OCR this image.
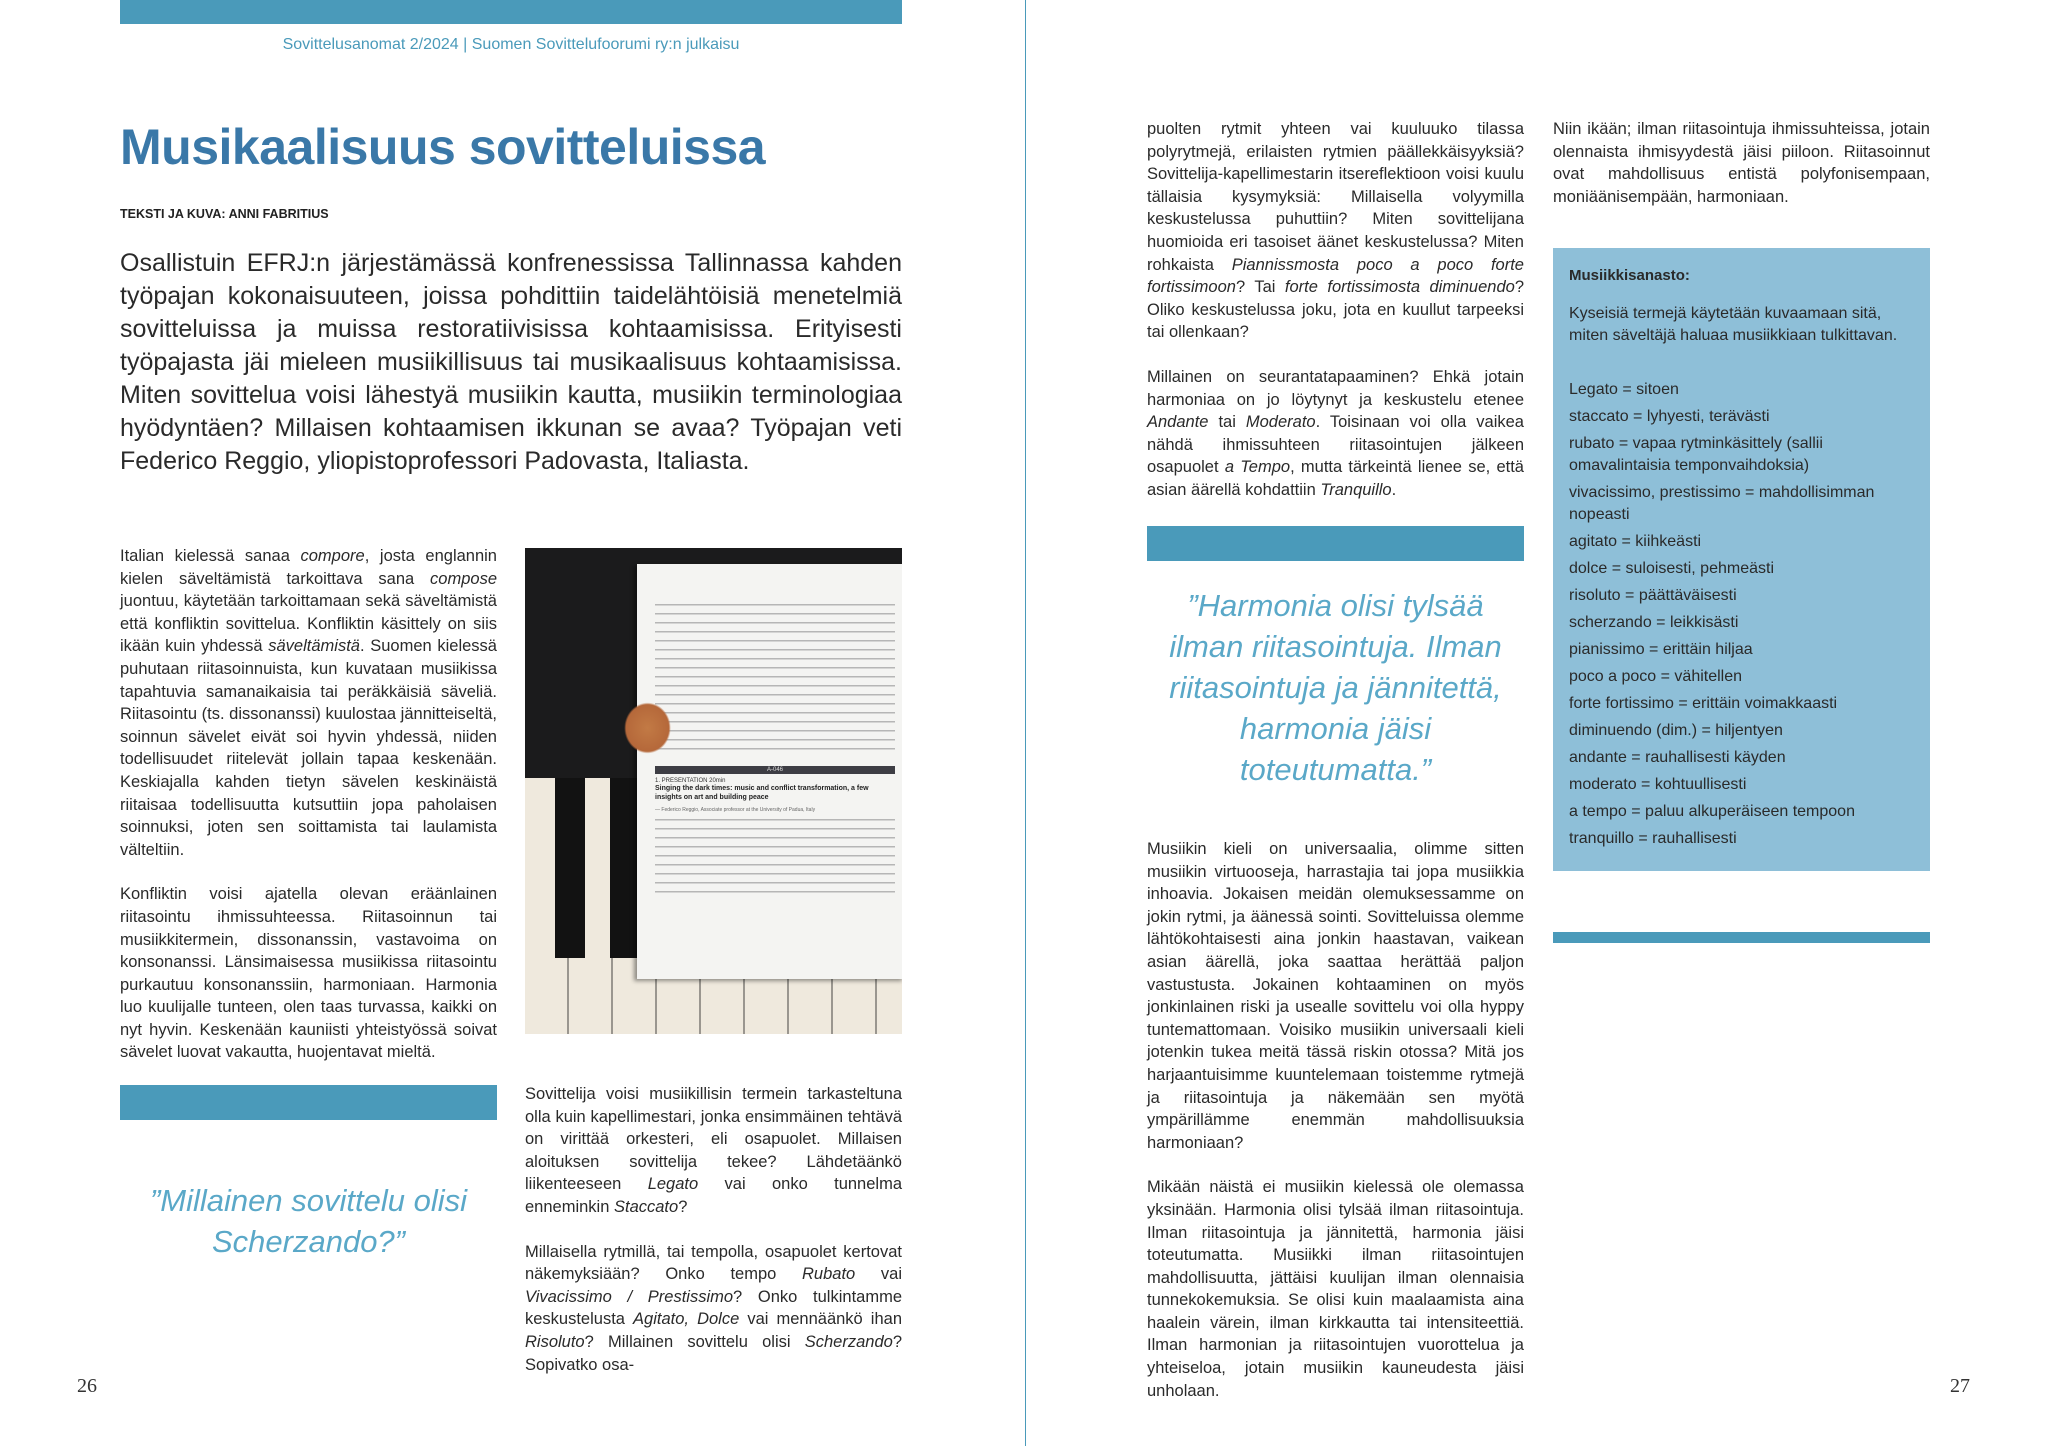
Sovittelusanomat 2/2024 | Suomen Sovittelufoorumi ry:n julkaisu
Musikaalisuus sovitteluissa
TEKSTI JA KUVA: ANNI FABRITIUS
Osallistuin EFRJ:n järjestämässä konfrenessissa Tallinnassa kahden työpajan kokonaisuuteen, joissa pohdittiin taidelähtöisiä menetelmiä sovitteluissa ja muissa restoratiivisissa kohtaamisissa. Erityisesti työpajasta jäi mieleen musiikillisuus tai musikaalisuus kohtaamisissa. Miten sovittelua voisi lähestyä musiikin kautta, musiikin terminologiaa hyödyntäen? Millaisen kohtaamisen ikkunan se avaa? Työpajan veti Federico Reggio, yliopistoprofessori Padovasta, Italiasta.

Italian kielessä sanaa compore, josta englannin kielen säveltämistä tarkoittava sana compose juontuu, käytetään tarkoittamaan sekä säveltämistä että konfliktin sovittelua. Konfliktin käsittely on siis ikään kuin yhdessä säveltämistä. Suomen kielessä puhutaan riitasoinnuista, kun kuvataan musiikissa tapahtuvia samanaikaisia tai peräkkäisiä säveliä. Riitasointu (ts. dissonanssi) kuulostaa jännitteiseltä, soinnun sävelet eivät soi hyvin yhdessä, niiden todellisuudet riitelevät jollain tapaa keskenään. Keskiajalla kahden tietyn sävelen keskinäistä riitaisaa todellisuutta kutsuttiin jopa paholaisen soinnuksi, joten sen soittamista tai laulamista välteltiin.

Konfliktin voisi ajatella olevan eräänlainen riitasointu ihmissuhteessa. Riitasoinnun tai musiikkitermein, dissonanssin, vastavoima on konsonanssi. Länsimaisessa musiikissa riitasointu purkautuu konsonanssiin, harmoniaan. Harmonia luo kuulijalle tunteen, olen taas turvassa, kaikki on nyt hyvin. Keskenään kauniisti yhteistyössä soivat sävelet luovat vakautta, huojentavat mieltä.

A-046
1. PRESENTATION 20min
Singing the dark times: music and conflict transformation, a few insights on art and building peace
— Federico Reggio, Associate professor at the University of Padua, Italy
”Millainen sovittelu olisi Scherzando?”

Sovittelija voisi musiikillisin termein tarkasteltuna olla kuin kapellimestari, jonka ensimmäinen tehtävä on virittää orkesteri, eli osapuolet. Millaisen aloituksen sovittelija tekee? Lähdetäänkö liikenteeseen Legato vai onko tunnelma enneminkin Staccato?

Millaisella rytmillä, tai tempolla, osapuolet kertovat näkemyksiään? Onko tempo Rubato vai Vivacissimo / Prestissimo? Onko tulkintamme keskustelusta Agitato, Dolce vai mennäänkö ihan Risoluto? Millainen sovittelu olisi Scherzando? Sopivatko osa-

26

puolten rytmit yhteen vai kuuluuko tilassa polyrytmejä, erilaisten rytmien päällekkäisyyksiä? Sovittelija-kapellimestarin itsereflektioon voisi kuulu tällaisia kysymyksiä: Millaisella volyymilla keskustelussa puhuttiin? Miten sovittelijana huomioida eri tasoiset äänet keskustelussa? Miten rohkaista Piannissmosta poco a poco forte fortissimoon? Tai forte fortissimosta diminuendo? Oliko keskustelussa joku, jota en kuullut tarpeeksi tai ollenkaan?

Millainen on seurantatapaaminen? Ehkä jotain harmoniaa on jo löytynyt ja keskustelu etenee Andante tai Moderato. Toisinaan voi olla vaikea nähdä ihmissuhteen riitasointujen jälkeen osapuolet a Tempo, mutta tärkeintä lienee se, että asian äärellä kohdattiin Tranquillo.

”Harmonia olisi tylsää ilman riitasointuja. Ilman riitasointuja ja jännitettä, harmonia jäisi toteutumatta.”

Musiikin kieli on universaalia, olimme sitten musiikin virtuooseja, harrastajia tai jopa musiikkia inhoavia. Jokaisen meidän olemuksessamme on jokin rytmi, ja äänessä sointi. Sovitteluissa olemme lähtökohtaisesti aina jonkin haastavan, vaikean asian äärellä, joka saattaa herättää paljon vastustusta. Jokainen kohtaaminen on myös jonkinlainen riski ja usealle sovittelu voi olla hyppy tuntemattomaan. Voisiko musiikin universaali kieli jotenkin tukea meitä tässä riskin otossa? Mitä jos harjaantuisimme kuuntelemaan toistemme rytmejä ja riitasointuja ja näkemään sen myötä ympärillämme enemmän mahdollisuuksia harmoniaan?

Mikään näistä ei musiikin kielessä ole olemassa yksinään. Harmonia olisi tylsää ilman riitasointuja. Ilman riitasointuja ja jännitettä, harmonia jäisi toteutumatta. Musiikki ilman riitasointujen mahdollisuutta, jättäisi kuulijan ilman olennaisia tunnekokemuksia. Se olisi kuin maalaamista aina haalein värein, ilman kirkkautta tai intensiteettiä. Ilman harmonian ja riitasointujen vuorottelua ja yhteiseloa, jotain musiikin kauneudesta jäisi unholaan.

Niin ikään; ilman riitasointuja ihmissuhteissa, jotain olennaista ihmisyydestä jäisi piiloon. Riitasoinnut ovat mahdollisuus entistä polyfonisempaan, moniäänisempään, harmoniaan.

Musiikkisanasto:
Kyseisiä termejä käytetään kuvaamaan sitä, miten säveltäjä haluaa musiikkiaan tulkittavan.
Legato = sitoen
staccato = lyhyesti, terävästi
rubato = vapaa rytminkäsittely (sallii omavalintaisia temponvaihdoksia)
vivacissimo, prestissimo = mahdollisimman nopeasti
agitato = kiihkeästi
dolce = suloisesti, pehmeästi
risoluto = päättäväisesti
scherzando = leikkisästi
pianissimo = erittäin hiljaa
poco a poco = vähitellen
forte fortissimo = erittäin voimakkaasti
diminuendo (dim.) = hiljentyen
andante = rauhallisesti käyden
moderato = kohtuullisesti
a tempo = paluu alkuperäiseen tempoon
tranquillo = rauhallisesti
27
